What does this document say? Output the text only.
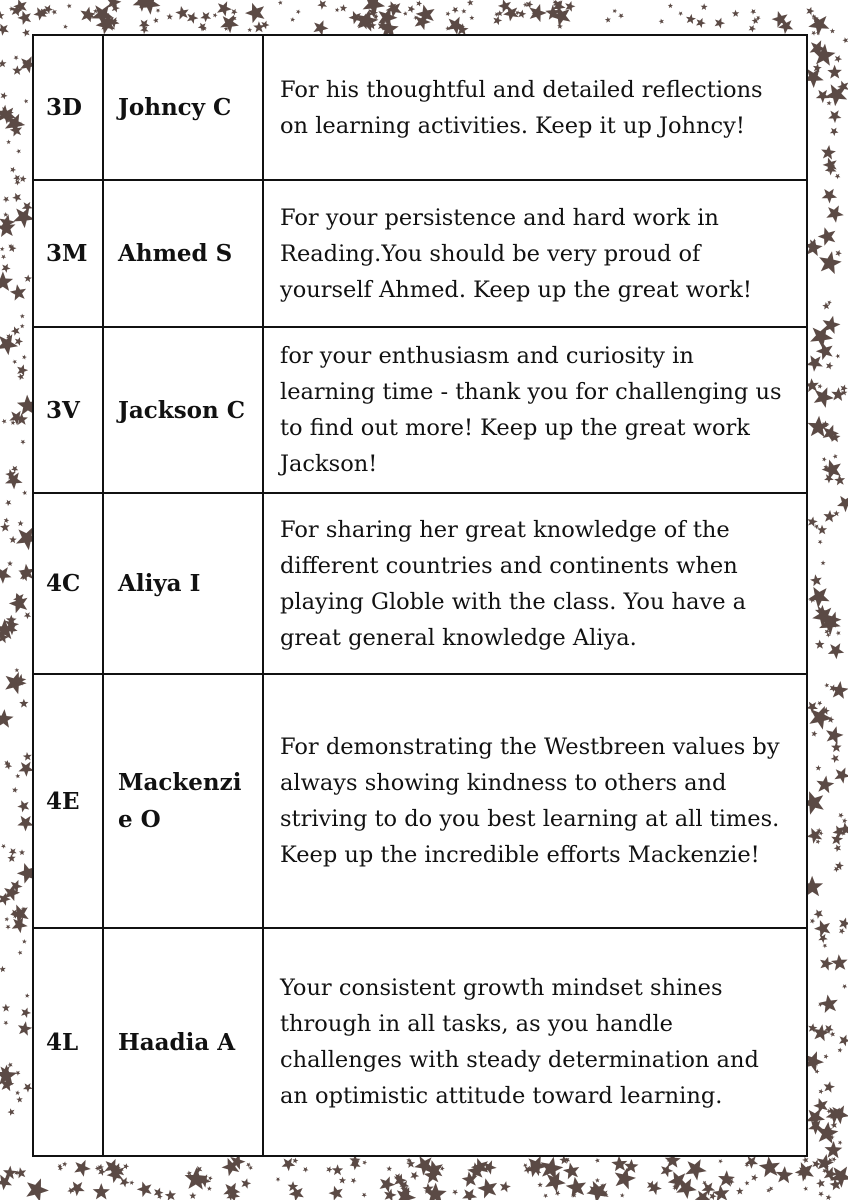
3D	Johncy C	For his thoughtful and detailed reflections on learning activities. Keep it up Johncy!
3M	Ahmed S	For your persistence and hard work in Reading.You should be very proud of yourself Ahmed. Keep up the great work!
3V	Jackson C	for your enthusiasm and curiosity in learning time - thank you for challenging us to find out more! Keep up the great work Jackson!
4C	Aliya I	For sharing her great knowledge of the different countries and continents when playing Globle with the class. You have a great general knowledge Aliya.
4E	Mackenzie O	For demonstrating the Westbreen values by always showing kindness to others and striving to do you best learning at all times. Keep up the incredible efforts Mackenzie!
4L	Haadia A	Your consistent growth mindset shines through in all tasks, as you handle challenges with steady determination and an optimistic attitude toward learning.
